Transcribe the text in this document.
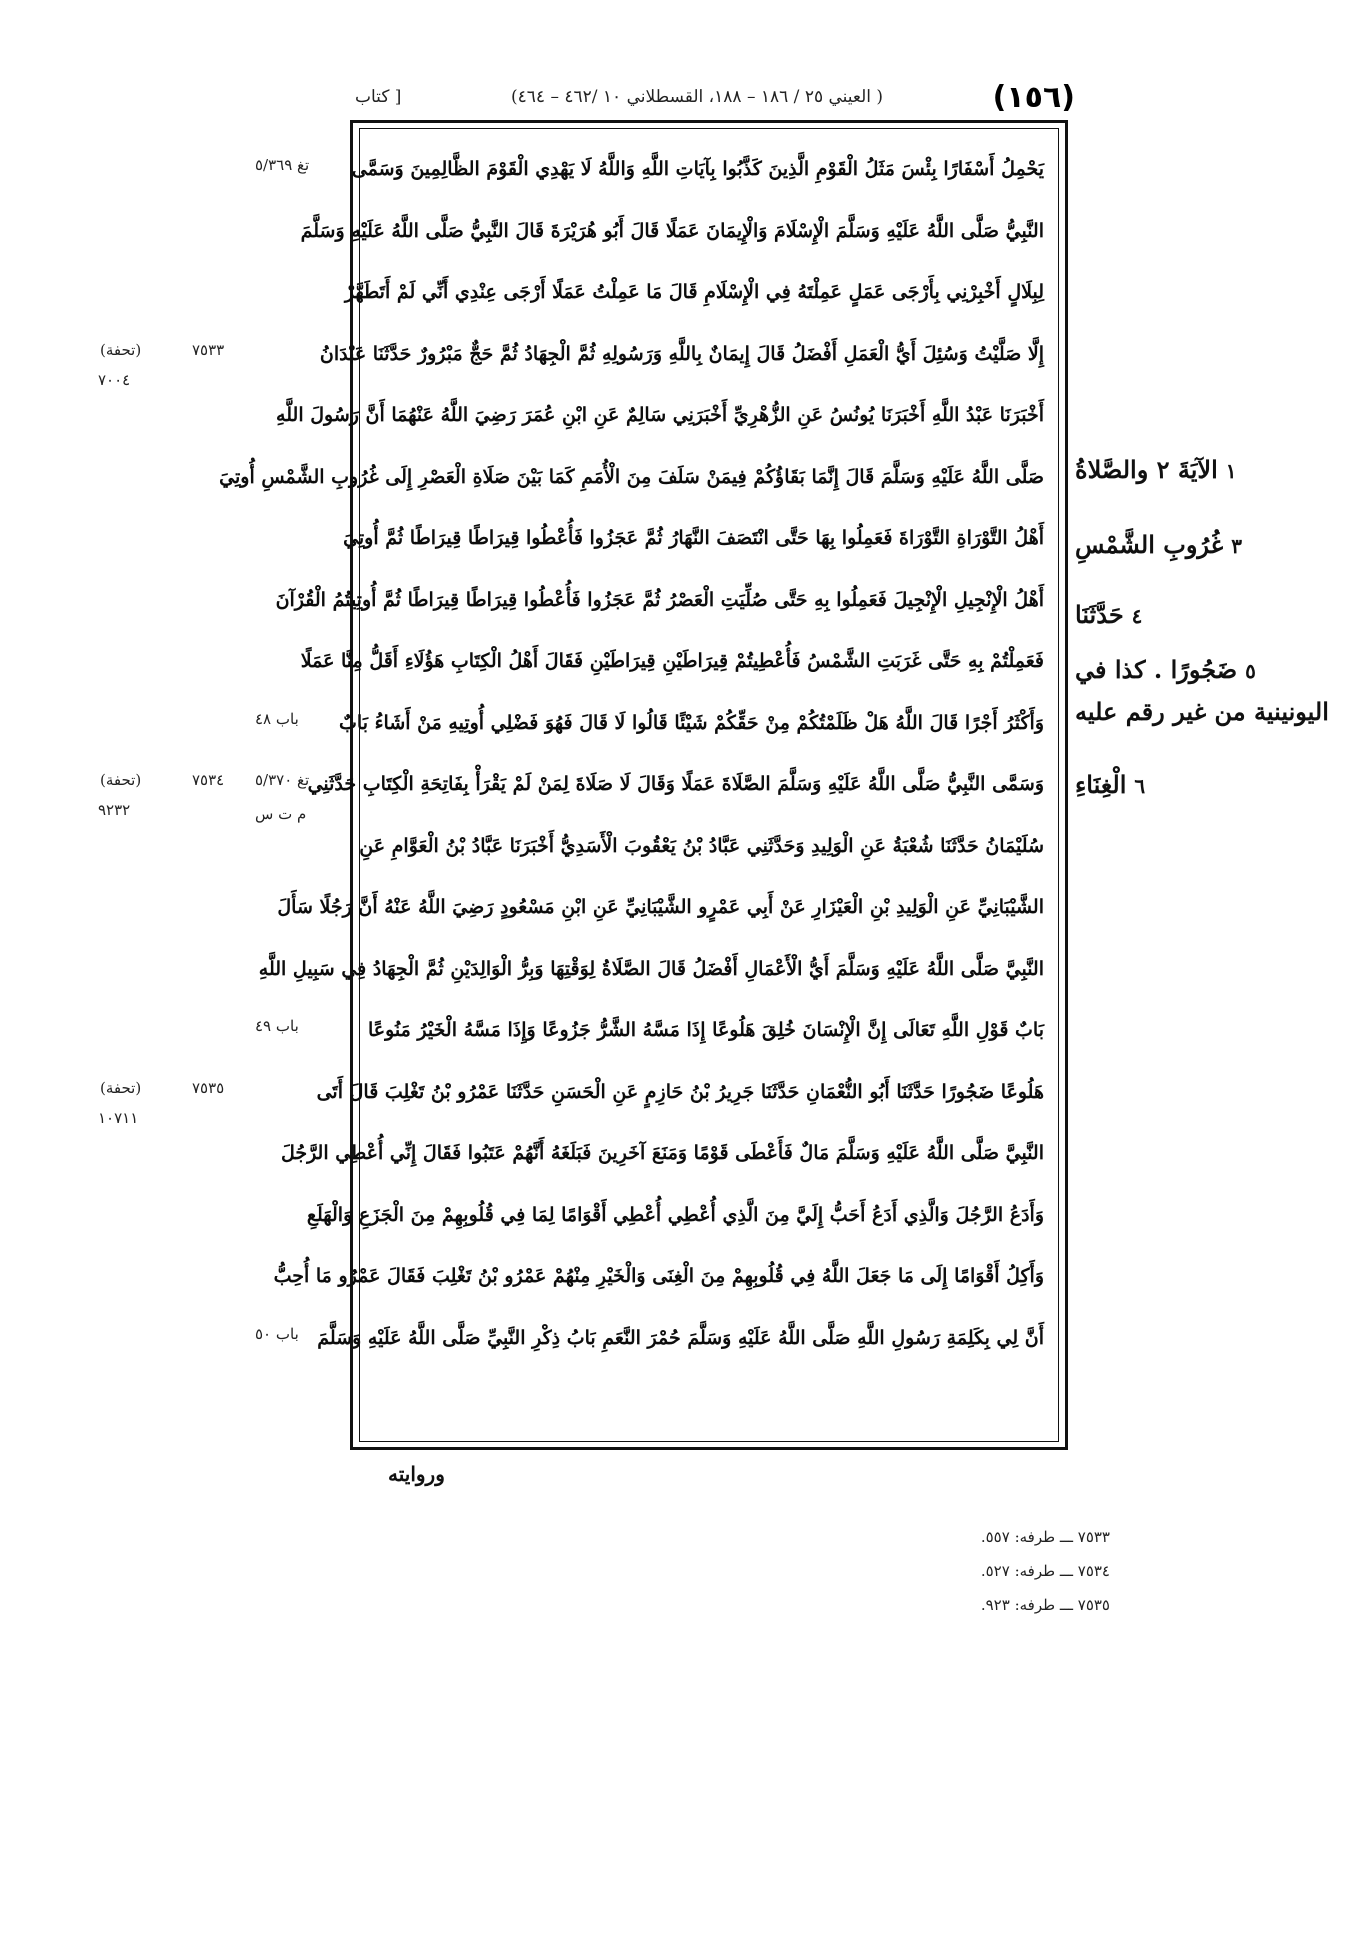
[ كتاب	( العيني ٢٥ / ١٨٦ – ١٨٨، القسطلاني ١٠ /٤٦٢ – ٤٦٤)	(١٥٦)
يَحْمِلُ أَسْفَارًا بِئْسَ مَثَلُ الْقَوْمِ الَّذِينَ كَذَّبُوا بِآيَاتِ اللَّهِ وَاللَّهُ لَا يَهْدِي الْقَوْمَ الظَّالِمِينَ وَسَمَّى
النَّبِيُّ صَلَّى اللَّهُ عَلَيْهِ وَسَلَّمَ الْإِسْلَامَ وَالْإِيمَانَ عَمَلًا قَالَ أَبُو هُرَيْرَةَ قَالَ النَّبِيُّ صَلَّى اللَّهُ عَلَيْهِ وَسَلَّمَ
لِبِلَالٍ أَخْبِرْنِي بِأَرْجَى عَمَلٍ عَمِلْتَهُ فِي الْإِسْلَامِ قَالَ مَا عَمِلْتُ عَمَلًا أَرْجَى عِنْدِي أَنِّي لَمْ أَتَطَهَّرْ
إِلَّا صَلَّيْتُ وَسُئِلَ أَيُّ الْعَمَلِ أَفْضَلُ قَالَ إِيمَانٌ بِاللَّهِ وَرَسُولِهِ ثُمَّ الْجِهَادُ ثُمَّ حَجٌّ مَبْرُورٌ حَدَّثَنَا عَبْدَانُ
أَخْبَرَنَا عَبْدُ اللَّهِ أَخْبَرَنَا يُونُسُ عَنِ الزُّهْرِيِّ أَخْبَرَنِي سَالِمٌ عَنِ ابْنِ عُمَرَ رَضِيَ اللَّهُ عَنْهُمَا أَنَّ رَسُولَ اللَّهِ
صَلَّى اللَّهُ عَلَيْهِ وَسَلَّمَ قَالَ إِنَّمَا بَقَاؤُكُمْ فِيمَنْ سَلَفَ مِنَ الْأُمَمِ كَمَا بَيْنَ صَلَاةِ الْعَصْرِ إِلَى غُرُوبِ الشَّمْسِ أُوتِيَ
أَهْلُ التَّوْرَاةِ التَّوْرَاةَ فَعَمِلُوا بِهَا حَتَّى انْتَصَفَ النَّهَارُ ثُمَّ عَجَزُوا فَأُعْطُوا قِيرَاطًا قِيرَاطًا ثُمَّ أُوتِيَ
أَهْلُ الْإِنْجِيلِ الْإِنْجِيلَ فَعَمِلُوا بِهِ حَتَّى صُلِّيَتِ الْعَصْرُ ثُمَّ عَجَزُوا فَأُعْطُوا قِيرَاطًا قِيرَاطًا ثُمَّ أُوتِيتُمُ الْقُرْآنَ
فَعَمِلْتُمْ بِهِ حَتَّى غَرَبَتِ الشَّمْسُ فَأُعْطِيتُمْ قِيرَاطَيْنِ قِيرَاطَيْنِ فَقَالَ أَهْلُ الْكِتَابِ هَؤُلَاءِ أَقَلُّ مِنَّا عَمَلًا
وَأَكْثَرُ أَجْرًا قَالَ اللَّهُ هَلْ ظَلَمْتُكُمْ مِنْ حَقِّكُمْ شَيْئًا قَالُوا لَا قَالَ فَهُوَ فَضْلِي أُوتِيهِ مَنْ أَشَاءُ بَابٌ
وَسَمَّى النَّبِيُّ صَلَّى اللَّهُ عَلَيْهِ وَسَلَّمَ الصَّلَاةَ عَمَلًا وَقَالَ لَا صَلَاةَ لِمَنْ لَمْ يَقْرَأْ بِفَاتِحَةِ الْكِتَابِ حَدَّثَنِي
سُلَيْمَانُ حَدَّثَنَا شُعْبَةُ عَنِ الْوَلِيدِ وَحَدَّثَنِي عَبَّادُ بْنُ يَعْقُوبَ الْأَسَدِيُّ أَخْبَرَنَا عَبَّادُ بْنُ الْعَوَّامِ عَنِ
الشَّيْبَانِيِّ عَنِ الْوَلِيدِ بْنِ الْعَيْزَارِ عَنْ أَبِي عَمْرٍو الشَّيْبَانِيِّ عَنِ ابْنِ مَسْعُودٍ رَضِيَ اللَّهُ عَنْهُ أَنَّ رَجُلًا سَأَلَ
النَّبِيَّ صَلَّى اللَّهُ عَلَيْهِ وَسَلَّمَ أَيُّ الْأَعْمَالِ أَفْضَلُ قَالَ الصَّلَاةُ لِوَقْتِهَا وَبِرُّ الْوَالِدَيْنِ ثُمَّ الْجِهَادُ فِي سَبِيلِ اللَّهِ
بَابٌ قَوْلِ اللَّهِ تَعَالَى إِنَّ الْإِنْسَانَ خُلِقَ هَلُوعًا إِذَا مَسَّهُ الشَّرُّ جَزُوعًا وَإِذَا مَسَّهُ الْخَيْرُ مَنُوعًا
هَلُوعًا ضَجُورًا حَدَّثَنَا أَبُو النُّعْمَانِ حَدَّثَنَا جَرِيرُ بْنُ حَازِمٍ عَنِ الْحَسَنِ حَدَّثَنَا عَمْرُو بْنُ تَغْلِبَ قَالَ أَتَى
النَّبِيَّ صَلَّى اللَّهُ عَلَيْهِ وَسَلَّمَ مَالٌ فَأَعْطَى قَوْمًا وَمَنَعَ آخَرِينَ فَبَلَغَهُ أَنَّهُمْ عَتَبُوا فَقَالَ إِنِّي أُعْطِي الرَّجُلَ
وَأَدَعُ الرَّجُلَ وَالَّذِي أَدَعُ أَحَبُّ إِلَيَّ مِنَ الَّذِي أُعْطِي أُعْطِي أَقْوَامًا لِمَا فِي قُلُوبِهِمْ مِنَ الْجَزَعِ وَالْهَلَعِ
وَأَكِلُ أَقْوَامًا إِلَى مَا جَعَلَ اللَّهُ فِي قُلُوبِهِمْ مِنَ الْغِنَى وَالْخَيْرِ مِنْهُمْ عَمْرُو بْنُ تَغْلِبَ فَقَالَ عَمْرٌو مَا أُحِبُّ
أَنَّ لِي بِكَلِمَةِ رَسُولِ اللَّهِ صَلَّى اللَّهُ عَلَيْهِ وَسَلَّمَ حُمْرَ النَّعَمِ بَابُ ذِكْرِ النَّبِيِّ صَلَّى اللَّهُ عَلَيْهِ وَسَلَّمَ
تغ ٥/٣٦٩
باب ٤٨
تغ ٥/٣٧٠
م ت س
باب ٤٩
باب ٥٠
(تحفة)	٧٥٣٣
٧٠٠٤
(تحفة)	٧٥٣٤
٩٢٣٢
(تحفة)	٧٥٣٥
١٠٧١١
١الآيَةَ ٢ والصَّلاةُ
٣غُرُوبِ الشَّمْسِ
٤حَدَّثَنَا
٥ضَجُورًا . كذا في
اليونينية من غير رقم عليه
٦الْغِنَاءِ
وروايته
٧٥٣٣ ـــ طرفه: ٥٥٧.
٧٥٣٤ ـــ طرفه: ٥٢٧.
٧٥٣٥ ـــ طرفه: ٩٢٣.
